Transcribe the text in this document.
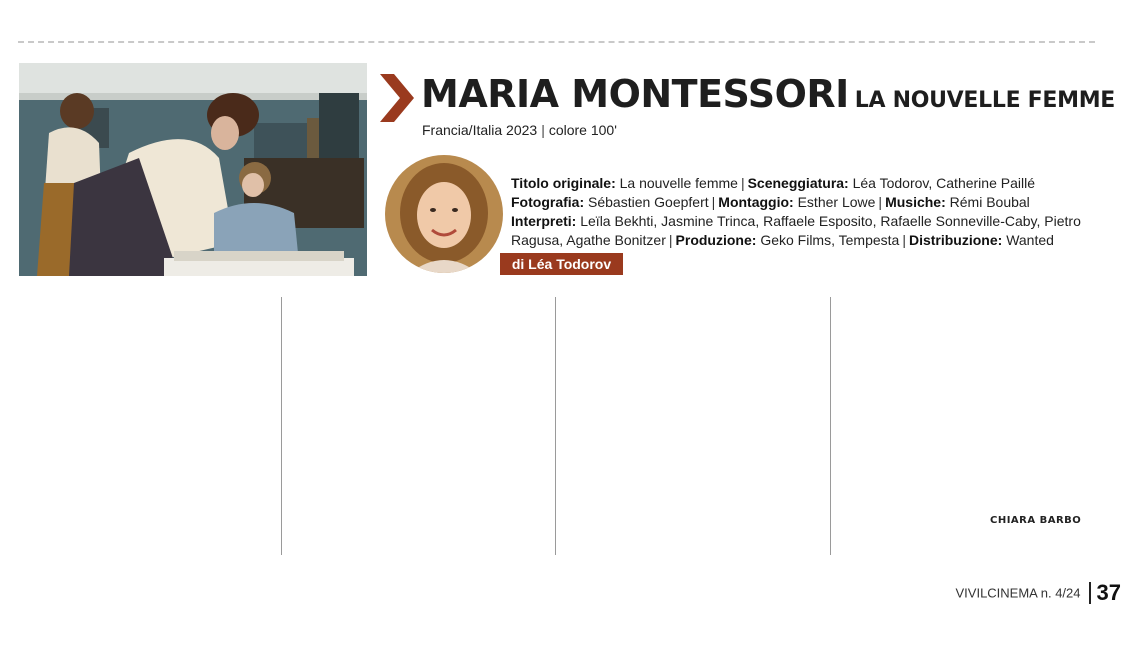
MARIA MONTESSORI LA NOUVELLE FEMME
Francia/Italia 2023 | colore 100'
di Léa Todorov
Titolo originale: La nouvelle femme | Sceneggiatura: Léa Todorov, Catherine Paillé
Fotografia: Sébastien Goepfert | Montaggio: Esther Lowe | Musiche: Rémi Boubal
Interpreti: Leïla Bekhti, Jasmine Trinca, Raffaele Esposito, Rafaelle Sonneville-Caby, Pietro Ragusa, Agathe Bonitzer | Produzione: Geko Films, Tempesta | Distribuzione: Wanted
CHIARA BARBO
VIVILCINEMA n. 4/24 37
